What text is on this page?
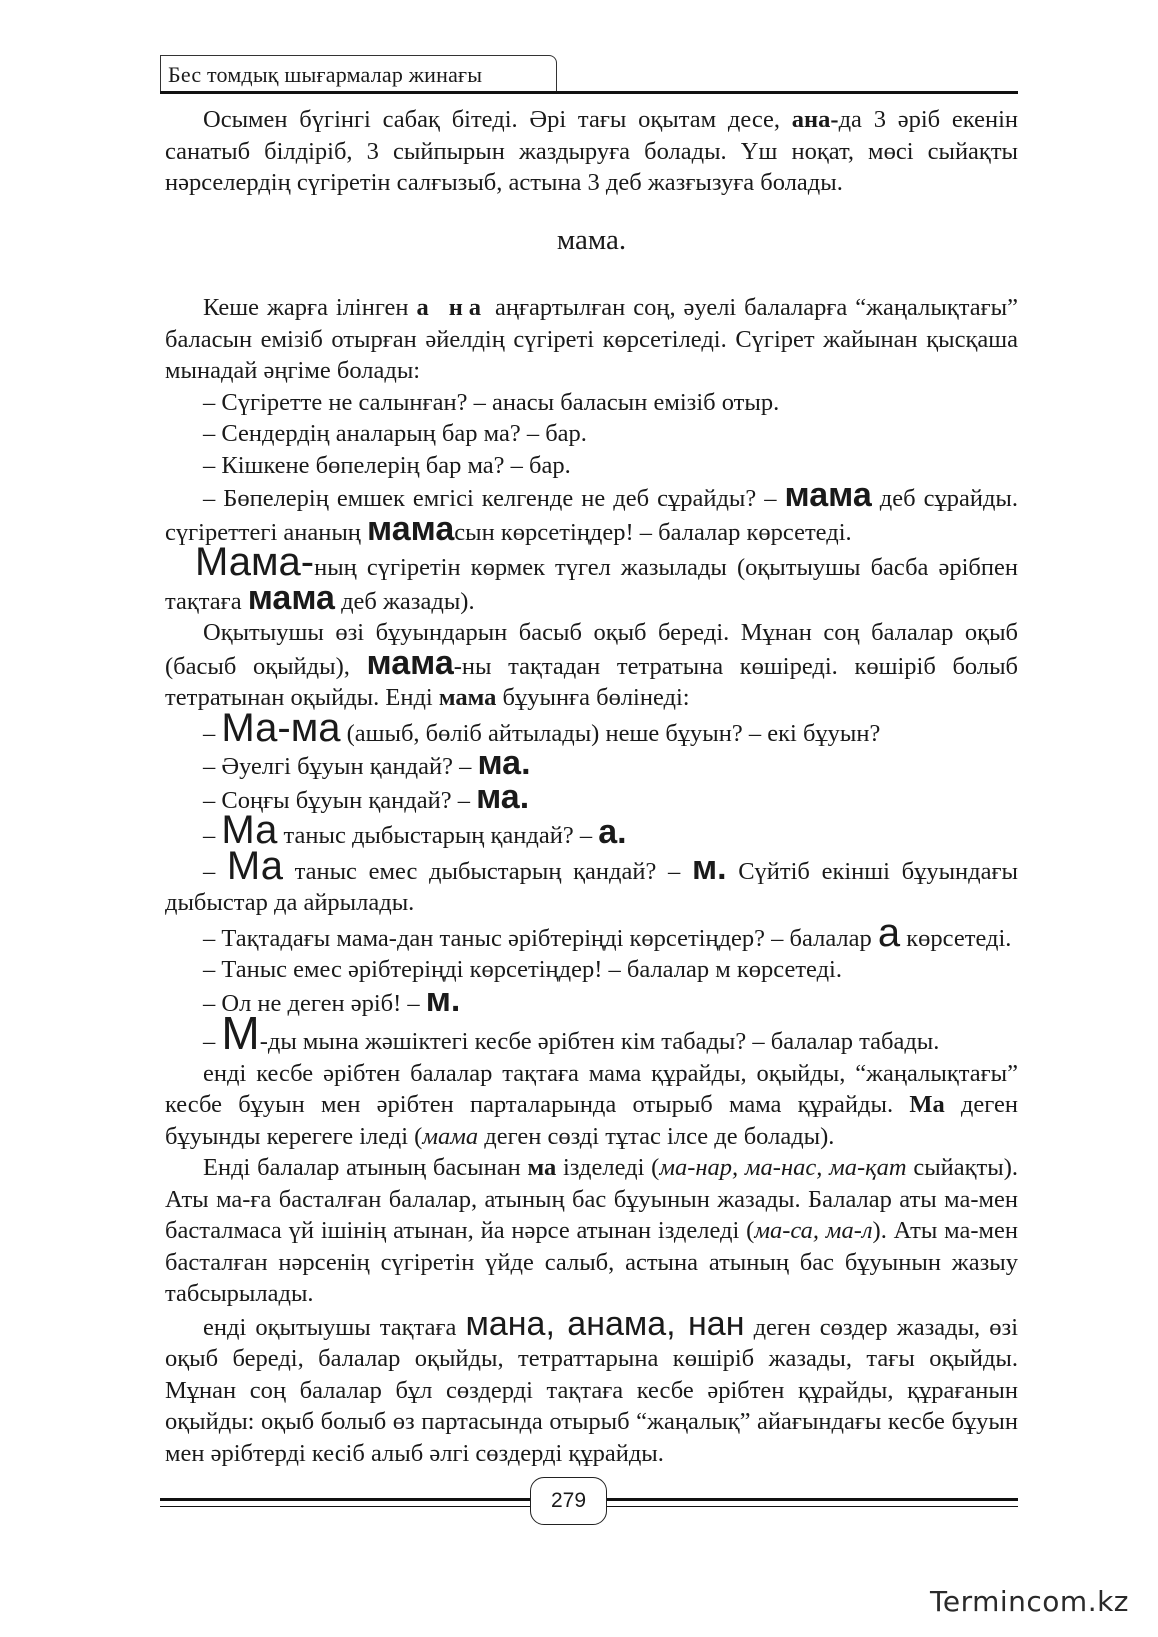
Бес томдық шығармалар жинағы

Осымен бүгінгі сабақ бітеді. Әрі тағы оқытам десе, ана-да 3 әріб екенін санатыб білдіріб, 3 сыйпырын жаздыруға болады. Үш ноқат, мөсі сыйақты нәрселердің сүгіретін салғызыб, астына 3 деб жазғызуға болады.

мама.

Кеше жарға ілінген а на аңғартылған соң, әуелі балаларға “жаңалықтағы” баласын емізіб отырған әйелдің сүгіреті көрсетіледі. Сүгірет жайынан қысқаша мынадай әңгіме болады:

– Сүгіретте не салынған? – анасы баласын емізіб отыр.

– Сендердің аналарың бар ма? – бар.

– Кішкене бөпелерің бар ма? – бар.

– Бөпелерің емшек емгісі келгенде не деб сұрайды? – мама деб сұрайды. сүгіреттегі ананың мамасын көрсетіңдер! – балалар көрсетеді.

Мама-ның сүгіретін көрмек түгел жазылады (оқытыушы басба әрібпен тақтаға мама деб жазады).

Оқытыушы өзі бұуындарын басыб оқыб береді. Мұнан соң балалар оқыб (басыб оқыйды), мама-ны тақтадан тетратына көшіреді. көшіріб болыб тетратынан оқыйды. Енді мама бұуынға бөлінеді:

– Ма-ма (ашыб, бөліб айтылады) неше бұуын? – екі бұуын?

– Әуелгі бұуын қандай? – ма.

– Соңғы бұуын қандай? – ма.

– Ма таныс дыбыстарың қандай? – а.

– Ма таныс емес дыбыстарың қандай? – м. Сүйтіб екінші бұуындағы дыбыстар да айрылады.

– Тақтадағы мама-дан таныс әрібтеріңді көрсетіңдер? – балалар а көрсетеді.

– Таныс емес әрібтеріңді көрсетіңдер! – балалар м көрсетеді.

– Ол не деген әріб! – м.

– М-ды мына жәшіктегі кесбе әрібтен кім табады? – балалар табады.

енді кесбе әрібтен балалар тақтаға мама құрайды, оқыйды, “жаңалықтағы” кесбе бұуын мен әрібтен парталарында отырыб мама құрайды. Ма деген бұуынды керегеге іледі (мама деген сөзді тұтас ілсе де болады).

Енді балалар атының басынан ма ізделеді (ма-нар, ма-нас, ма-қат сыйақты). Аты ма-ға басталған балалар, атының бас бұуынын жазады. Балалар аты ма-мен басталмаса үй ішінің атынан, йа нәрсе атынан ізделеді (ма-са, ма-л). Аты ма-мен басталған нәрсенің сүгіретін үйде салыб, астына атының бас бұуынын жазыу табсырылады.

енді оқытыушы тақтаға мана, анама, нан деген сөздер жазады, өзі оқыб береді, балалар оқыйды, тетраттарына көшіріб жазады, тағы оқыйды. Мұнан соң балалар бұл сөздерді тақтаға кесбе әрібтен құрайды, құрағанын оқыйды: оқыб болыб өз партасында отырыб “жаңалық” айағындағы кесбе бұуын мен әрібтерді кесіб алыб әлгі сөздерді құрайды.

279
Termincom.kz
